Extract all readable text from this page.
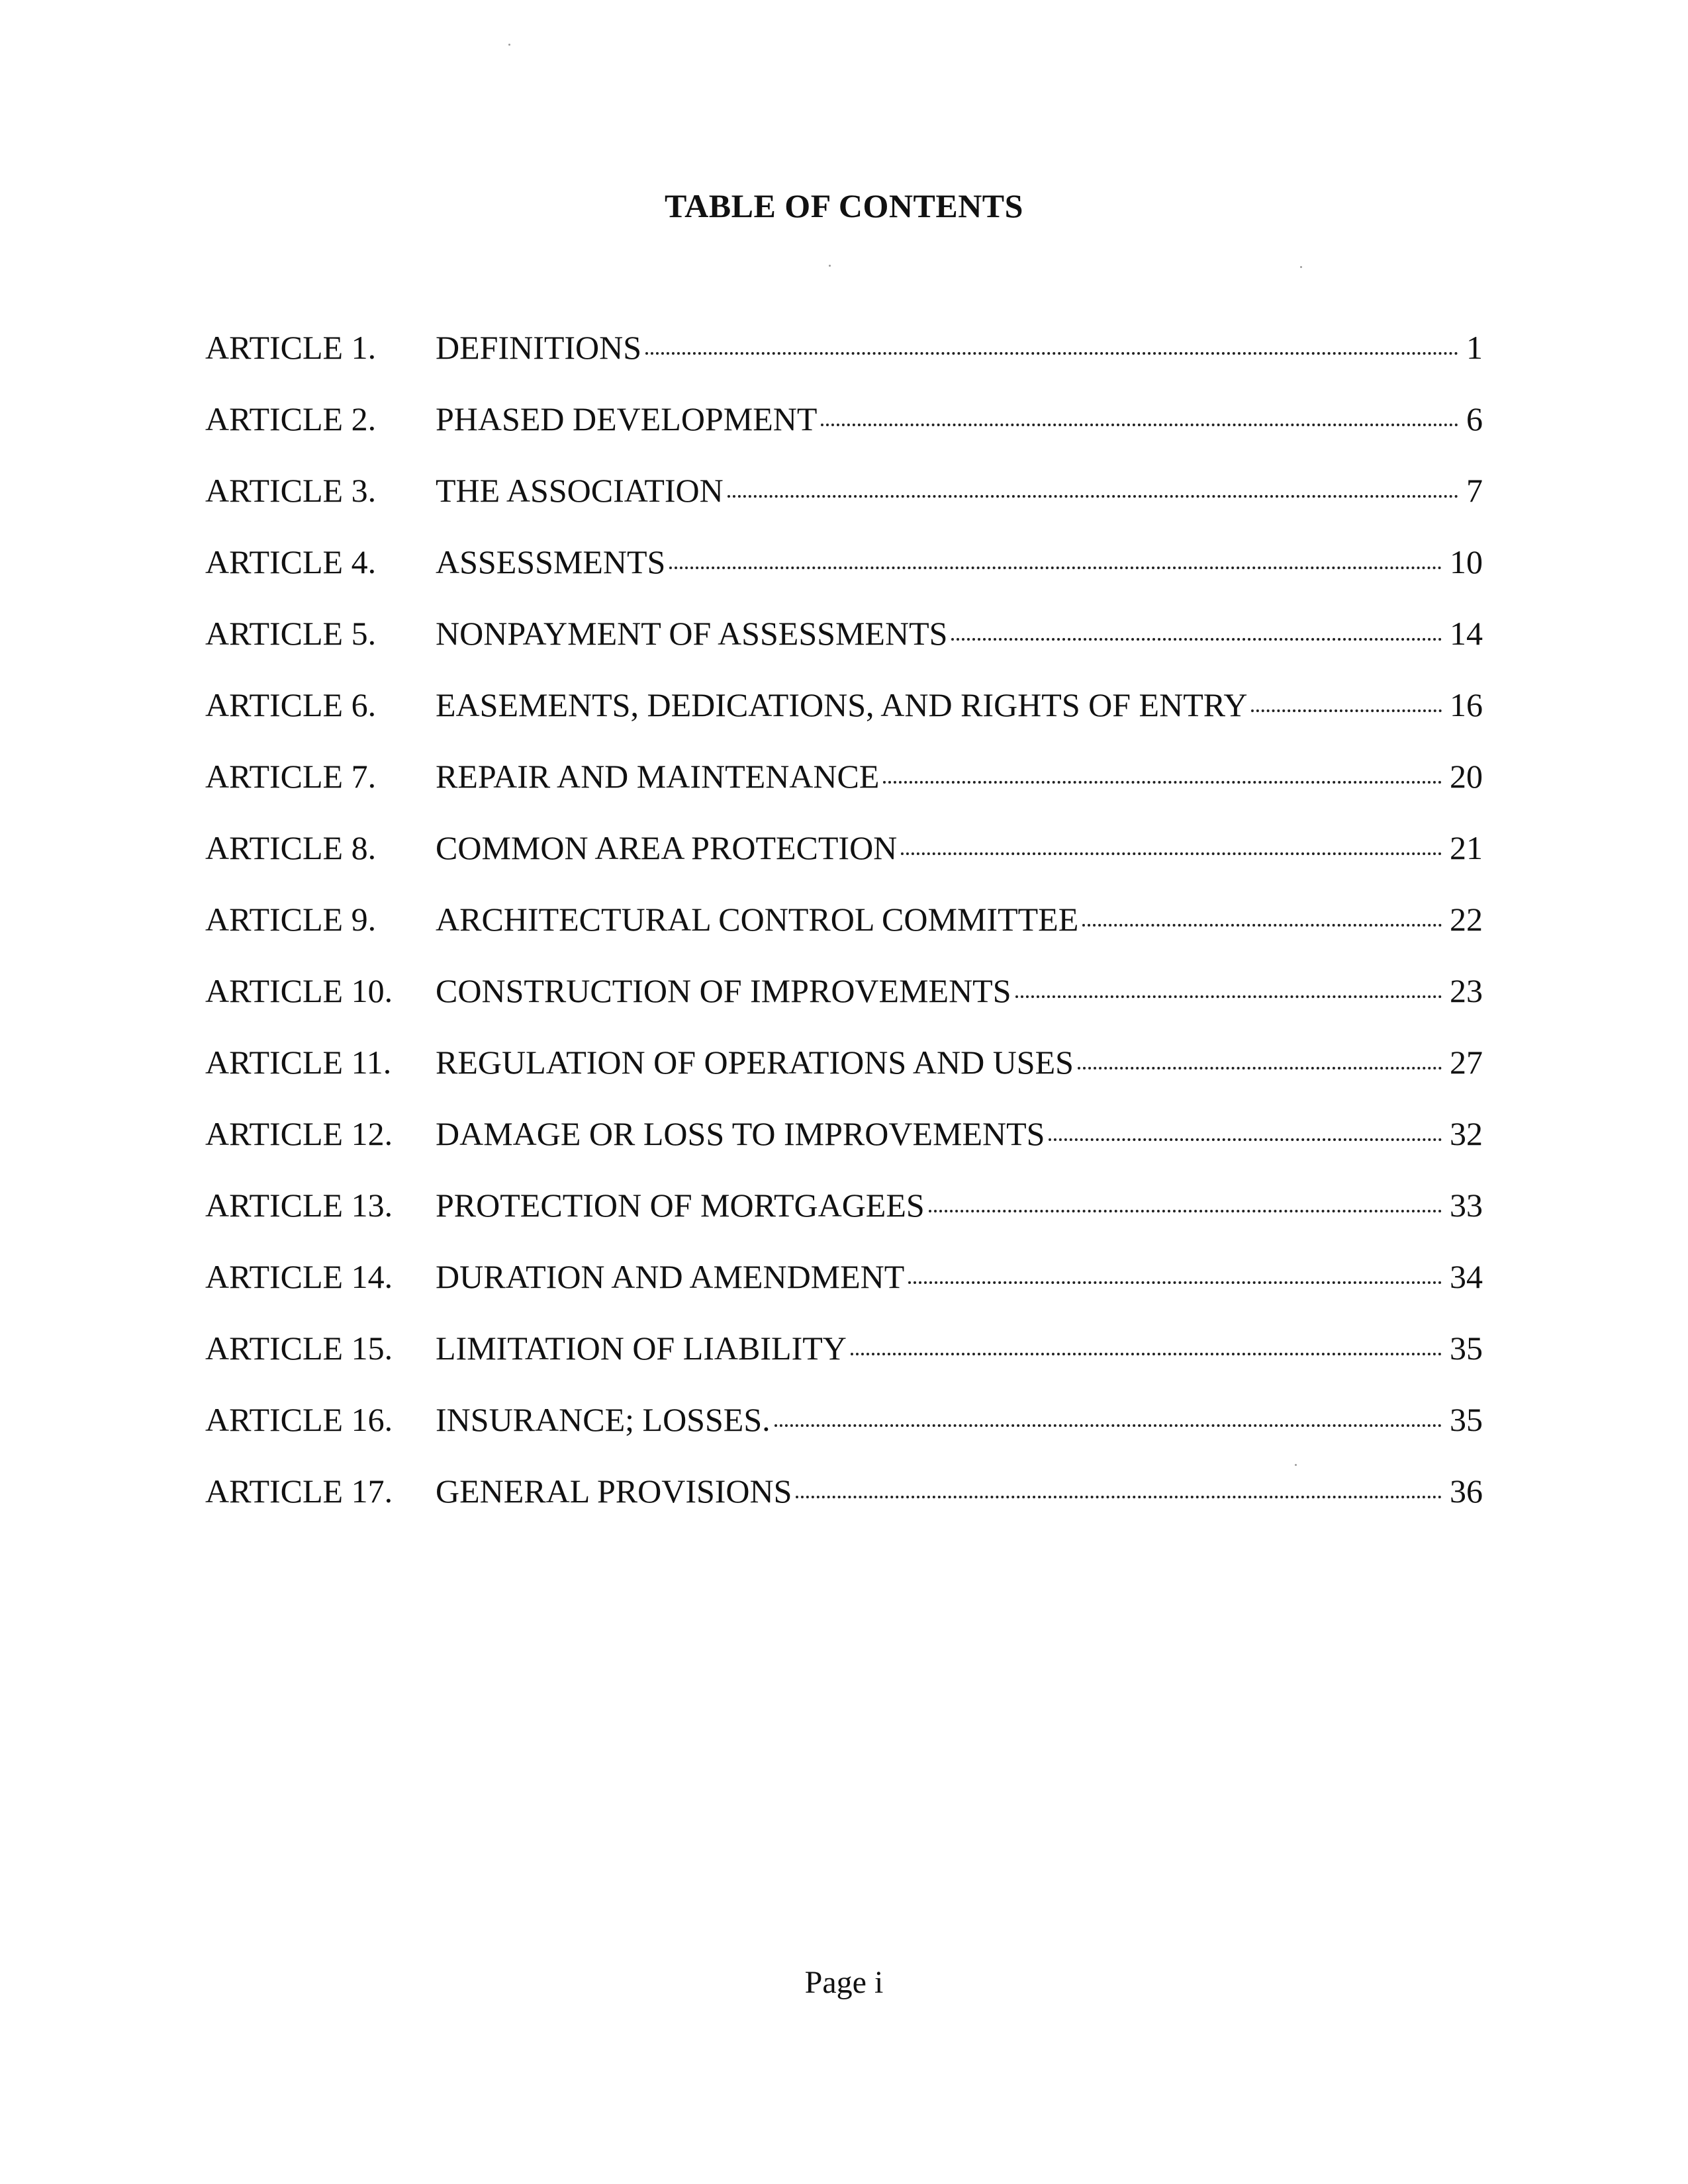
TABLE OF CONTENTS
ARTICLE 1. DEFINITIONS	1
ARTICLE 2. PHASED DEVELOPMENT	6
ARTICLE 3. THE ASSOCIATION	7
ARTICLE 4. ASSESSMENTS	10
ARTICLE 5. NONPAYMENT OF ASSESSMENTS	14
ARTICLE 6. EASEMENTS, DEDICATIONS, AND RIGHTS OF ENTRY	16
ARTICLE 7. REPAIR AND MAINTENANCE	20
ARTICLE 8. COMMON AREA PROTECTION	21
ARTICLE 9. ARCHITECTURAL CONTROL COMMITTEE	22
ARTICLE 10. CONSTRUCTION OF IMPROVEMENTS	23
ARTICLE 11. REGULATION OF OPERATIONS AND USES	27
ARTICLE 12. DAMAGE OR LOSS TO IMPROVEMENTS	32
ARTICLE 13. PROTECTION OF MORTGAGEES	33
ARTICLE 14. DURATION AND AMENDMENT	34
ARTICLE 15. LIMITATION OF LIABILITY	35
ARTICLE 16. INSURANCE; LOSSES.	35
ARTICLE 17. GENERAL PROVISIONS	36
Page i
